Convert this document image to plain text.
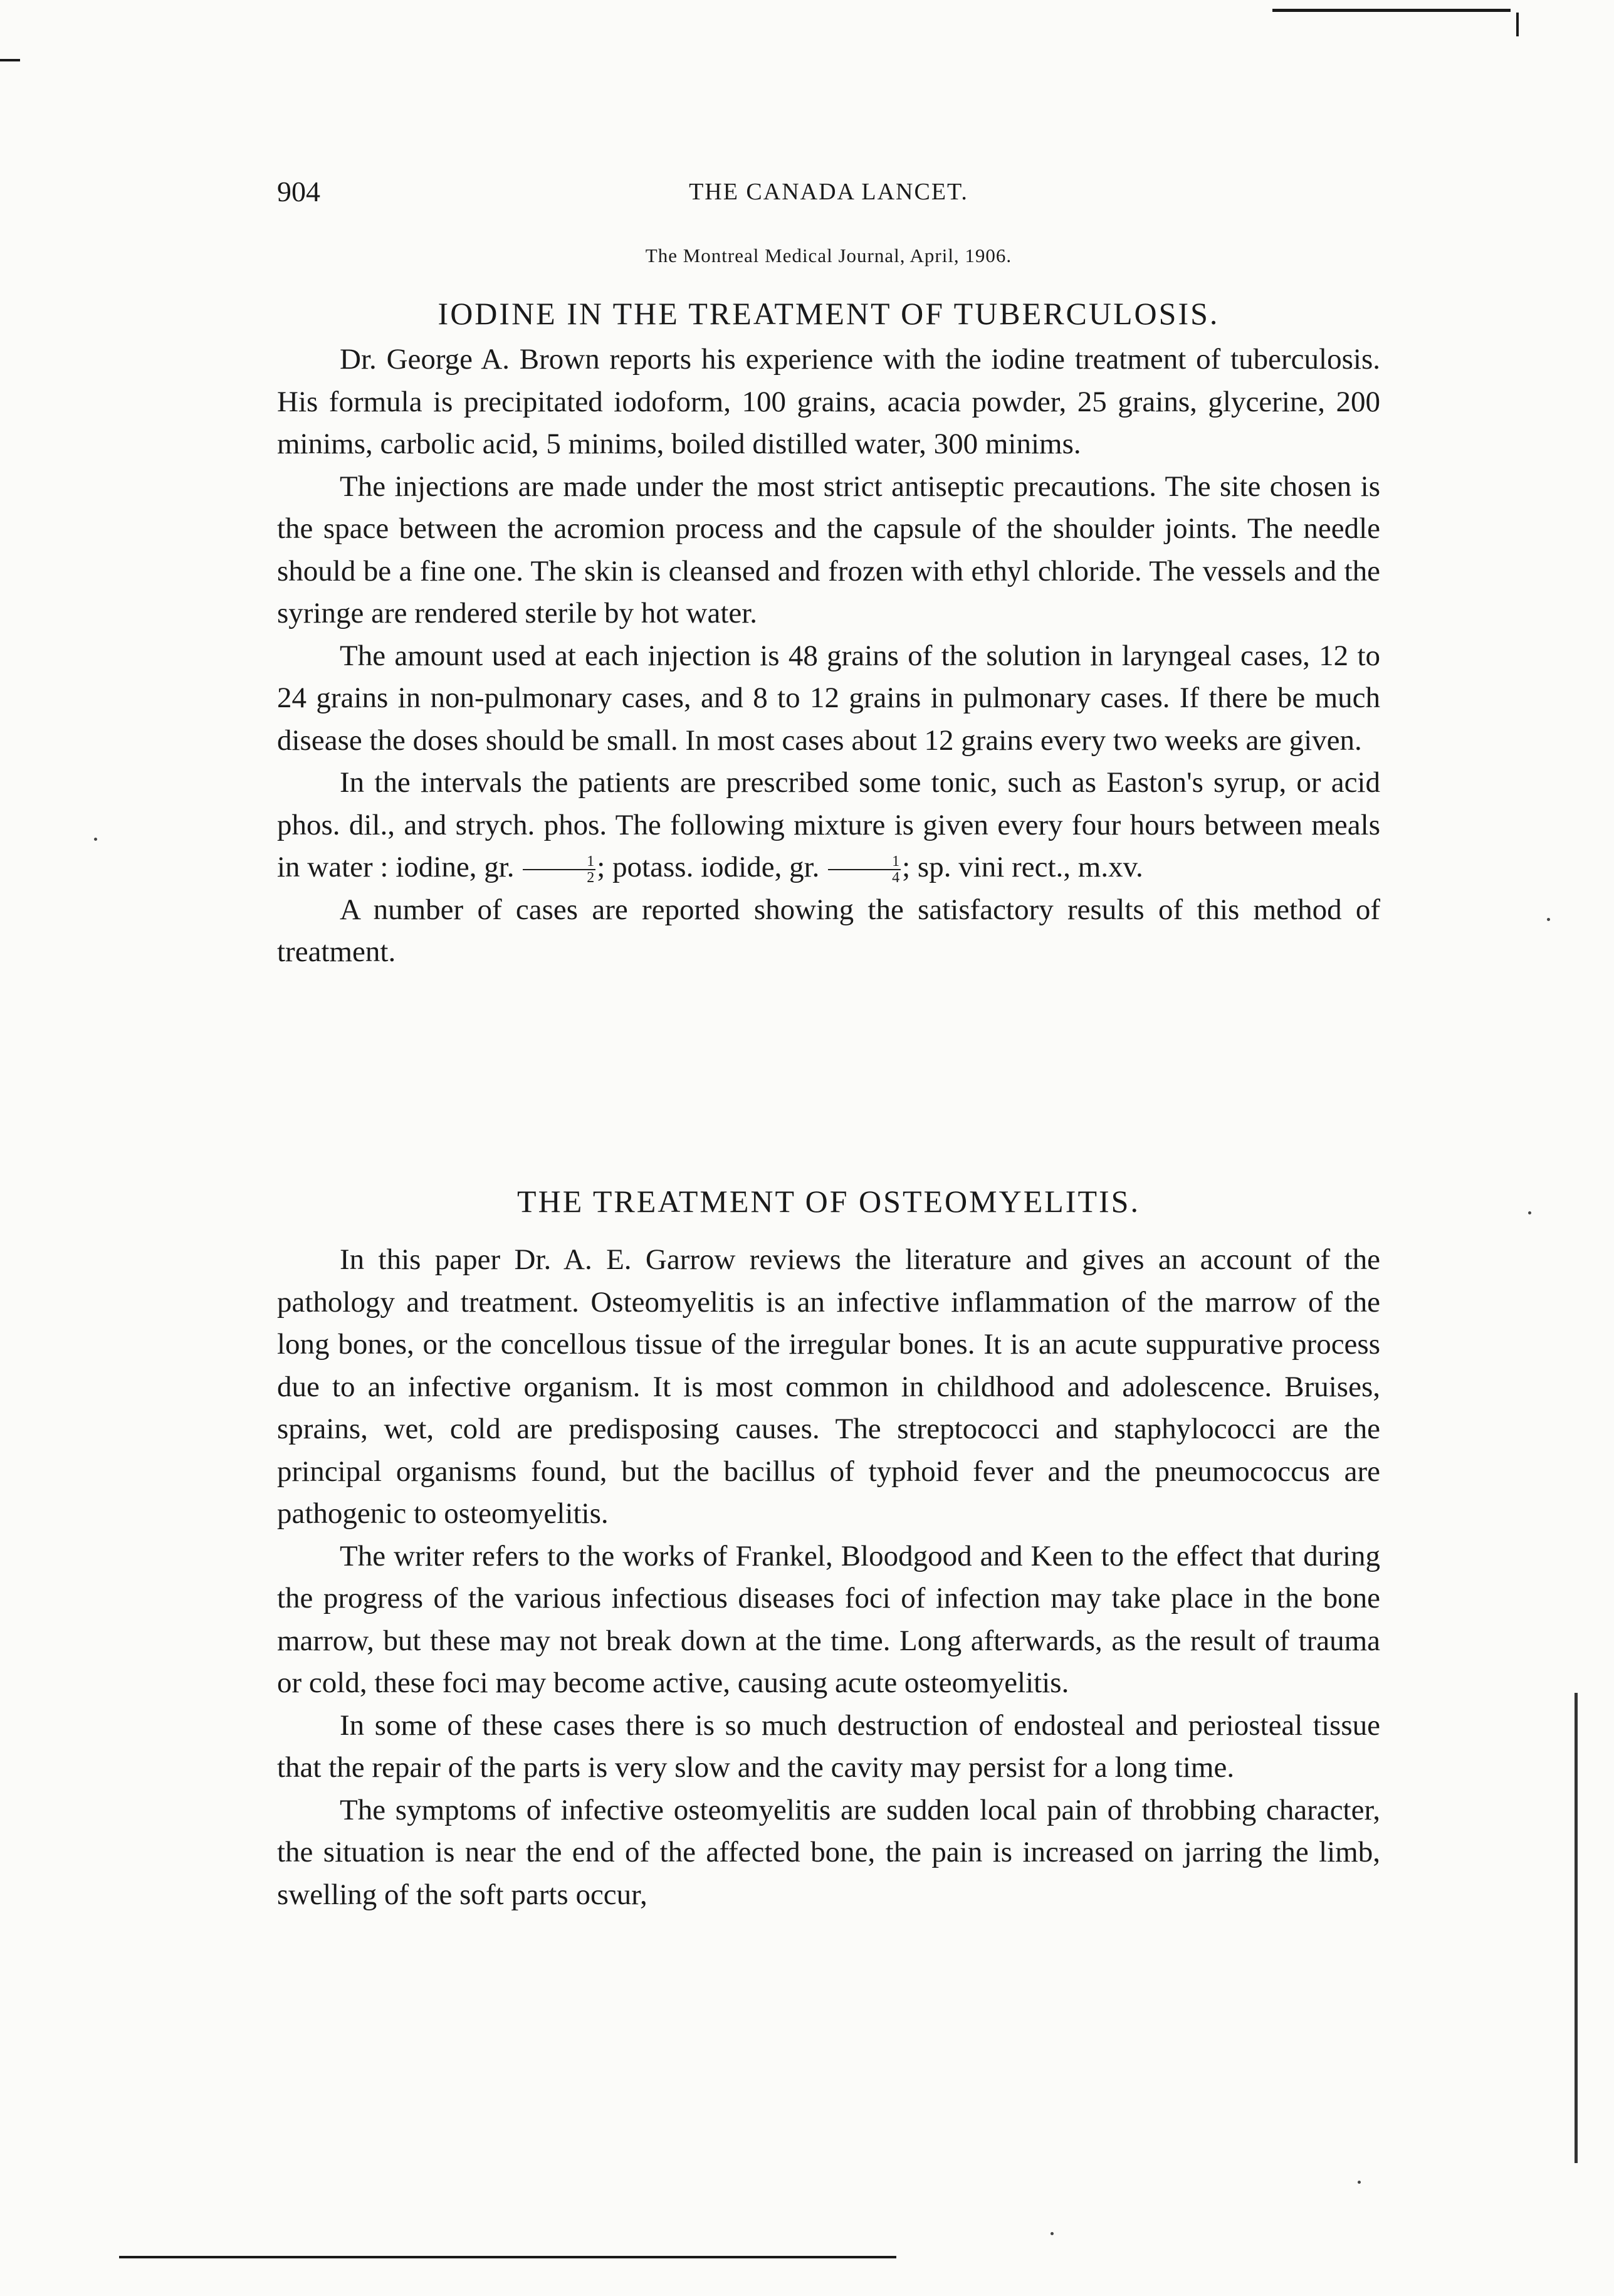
904	THE CANADA LANCET.
The Montreal Medical Journal, April, 1906.
IODINE IN THE TREATMENT OF TUBERCULOSIS.

Dr. George A. Brown reports his experience with the iodine treatment of tuberculosis. His formula is precipitated iodoform, 100 grains, acacia powder, 25 grains, glycerine, 200 minims, carbolic acid, 5 minims, boiled distilled water, 300 minims.

The injections are made under the most strict antiseptic precautions. The site chosen is the space between the acromion process and the capsule of the shoulder joints. The needle should be a fine one. The skin is cleansed and frozen with ethyl chloride. The vessels and the syringe are rendered sterile by hot water.

The amount used at each injection is 48 grains of the solution in laryngeal cases, 12 to 24 grains in non-pulmonary cases, and 8 to 12 grains in pulmonary cases. If there be much disease the doses should be small. In most cases about 12 grains every two weeks are given.

In the intervals the patients are prescribed some tonic, such as Easton's syrup, or acid phos. dil., and strych. phos. The following mixture is given every four hours between meals in water : iodine, gr. $\frac{1}{2}$ ; potass. iodide, gr. $\frac{1}{4}$ ; sp. vini rect., m.xv.

A number of cases are reported showing the satisfactory results of this method of treatment.

THE TREATMENT OF OSTEOMYELITIS.

In this paper Dr. A. E. Garrow reviews the literature and gives an account of the pathology and treatment. Osteomyelitis is an infective inflammation of the marrow of the long bones, or the concellous tissue of the irregular bones. It is an acute suppurative process due to an infective organism. It is most common in childhood and adolescence. Bruises, sprains, wet, cold are predisposing causes. The streptococci and staphylococci are the principal organisms found, but the bacillus of typhoid fever and the pneumococcus are pathogenic to osteomyelitis.

The writer refers to the works of Frankel, Bloodgood and Keen to the effect that during the progress of the various infectious diseases foci of infection may take place in the bone marrow, but these may not break down at the time. Long afterwards, as the result of trauma or cold, these foci may become active, causing acute osteomyelitis.

In some of these cases there is so much destruction of endosteal and periosteal tissue that the repair of the parts is very slow and the cavity may persist for a long time.

The symptoms of infective osteomyelitis are sudden local pain of throbbing character, the situation is near the end of the affected bone, the pain is increased on jarring the limb, swelling of the soft parts occur,
